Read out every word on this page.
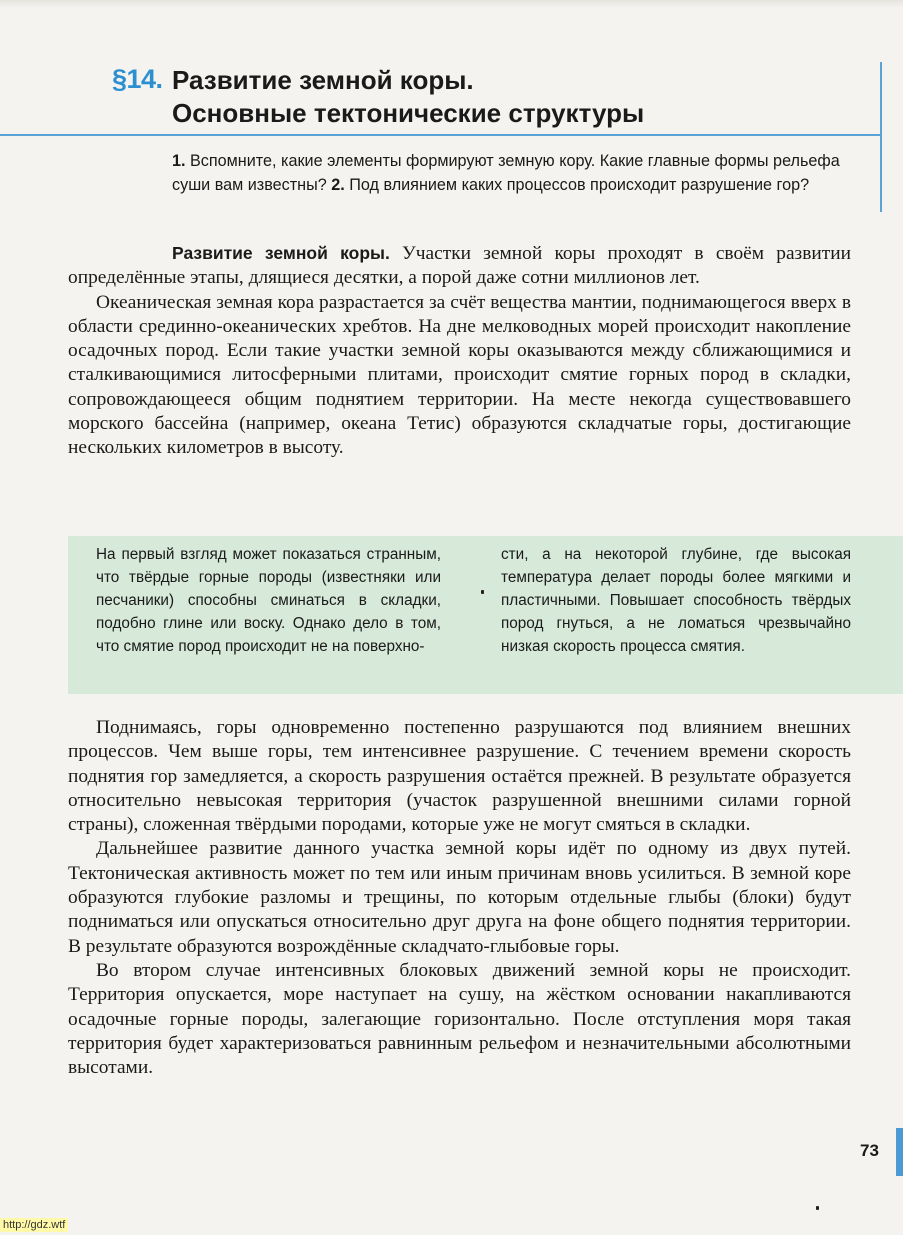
§14. Развитие земной коры.
Основные тектонические структуры
1. Вспомните, какие элементы формируют земную кору. Какие главные формы рельефа суши вам известны? 2. Под влиянием каких процессов происходит разрушение гор?

Развитие земной коры. Участки земной коры проходят в своём развитии определённые этапы, длящиеся десятки, а порой даже сотни миллионов лет.

Океаническая земная кора разрастается за счёт вещества мантии, поднимающегося вверх в области срединно-океанических хребтов. На дне мелководных морей происходит накопление осадочных пород. Если такие участки земной коры оказываются между сближающимися и сталкивающимися литосферными плитами, происходит смятие горных пород в складки, сопровождающееся общим поднятием территории. На месте некогда существовавшего морского бассейна (например, океана Тетис) образуются складчатые горы, достигающие нескольких километров в высоту.

На первый взгляд может показаться странным, что твёрдые горные породы (известняки или песчаники) способны сминаться в складки, подобно глине или воску. Однако дело в том, что смятие пород происходит не на поверхно-
сти, а на некоторой глубине, где высокая температура делает породы более мягкими и пластичными. Повышает способность твёрдых пород гнуться, а не ломаться чрезвычайно низкая скорость процесса смятия.

Поднимаясь, горы одновременно постепенно разрушаются под влиянием внешних процессов. Чем выше горы, тем интенсивнее разрушение. С течением времени скорость поднятия гор замедляется, а скорость разрушения остаётся прежней. В результате образуется относительно невысокая территория (участок разрушенной внешними силами горной страны), сложенная твёрдыми породами, которые уже не могут смяться в складки.

Дальнейшее развитие данного участка земной коры идёт по одному из двух путей. Тектоническая активность может по тем или иным причинам вновь усилиться. В земной коре образуются глубокие разломы и трещины, по которым отдельные глыбы (блоки) будут подниматься или опускаться относительно друг друга на фоне общего поднятия территории. В результате образуются возрождённые складчато-глыбовые горы.

Во втором случае интенсивных блоковых движений земной коры не происходит. Территория опускается, море наступает на сушу, на жёстком основании накапливаются осадочные горные породы, залегающие горизонтально. После отступления моря такая территория будет характеризоваться равнинным рельефом и незначительными абсолютными высотами.

73
http://gdz.wtf
